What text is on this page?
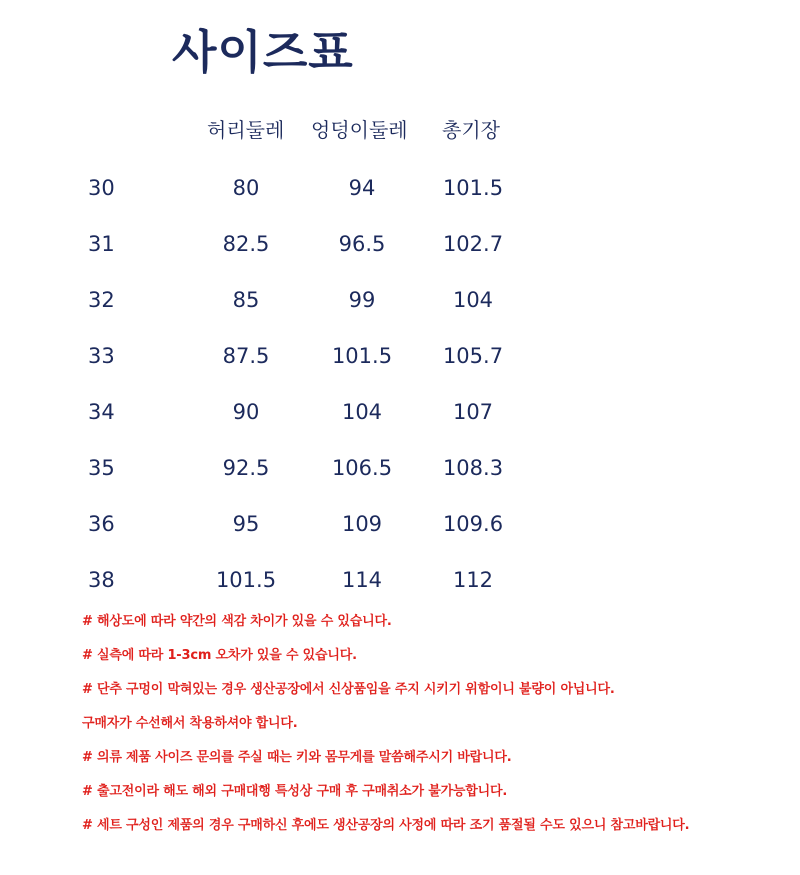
사이즈표
허리둘레 엉덩이둘레 총기장
30	80	94	101.5
31	82.5	96.5	102.7
32	85	99	104
33	87.5	101.5 105.7
34	90	104	107
35	92.5	106.5 108.3
36	95	109	109.6
38	101.5	114	112
# 해상도에 따라 약간의 색감 차이가 있을 수 있습니다.
# 실측에 따라 1-3cm 오차가 있을 수 있습니다.
# 단추 구멍이 막혀있는 경우 생산공장에서 신상품임을 주지 시키기 위함이니 불량이 아닙니다.
구매자가 수선해서 착용하셔야 합니다.
# 의류 제품 사이즈 문의를 주실 때는 키와 몸무게를 말씀해주시기 바랍니다.
# 출고전이라 해도 해외 구매대행 특성상 구매 후 구매취소가 불가능합니다.
# 세트 구성인 제품의 경우 구매하신 후에도 생산공장의 사정에 따라 조기 품절될 수도 있으니 참고바랍니다.
